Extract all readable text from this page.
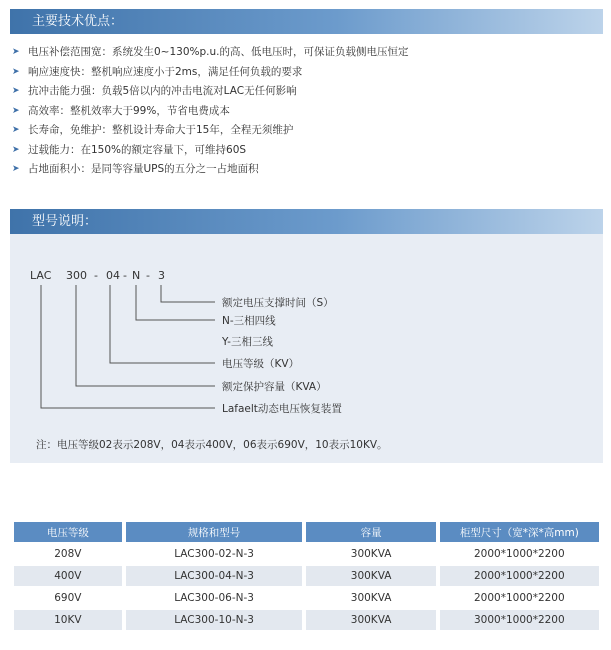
主要技术优点：
➤ 电压补偿范围宽：系统发生0~130%p.u.的高、低电压时，可保证负载侧电压恒定
➤ 响应速度快：整机响应速度小于2ms，满足任何负载的要求
➤ 抗冲击能力强：负载5倍以内的冲击电流对LAC无任何影响
➤ 高效率：整机效率大于99%，节省电费成本
➤ 长寿命，免维护：整机设计寿命大于15年，全程无须维护
➤ 过载能力：在150%的额定容量下，可维持60S
➤ 占地面积小：是同等容量UPS的五分之一占地面积
型号说明：
LAC 300 - 04 - N - 3
额定电压支撑时间（S）
N-三相四线
Y-三相三线
电压等级（KV）
额定保护容量（KVA）
Lafaelt动态电压恢复装置
注：电压等级02表示208V，04表示400V，06表示690V，10表示10KV。
电压等级	规格和型号	容量	柜型尺寸（宽*深*高mm)
208V	LAC300-02-N-3	300KVA	2000*1000*2200
400V	LAC300-04-N-3	300KVA	2000*1000*2200
690V	LAC300-06-N-3	300KVA	2000*1000*2200
10KV	LAC300-10-N-3	300KVA	3000*1000*2200
